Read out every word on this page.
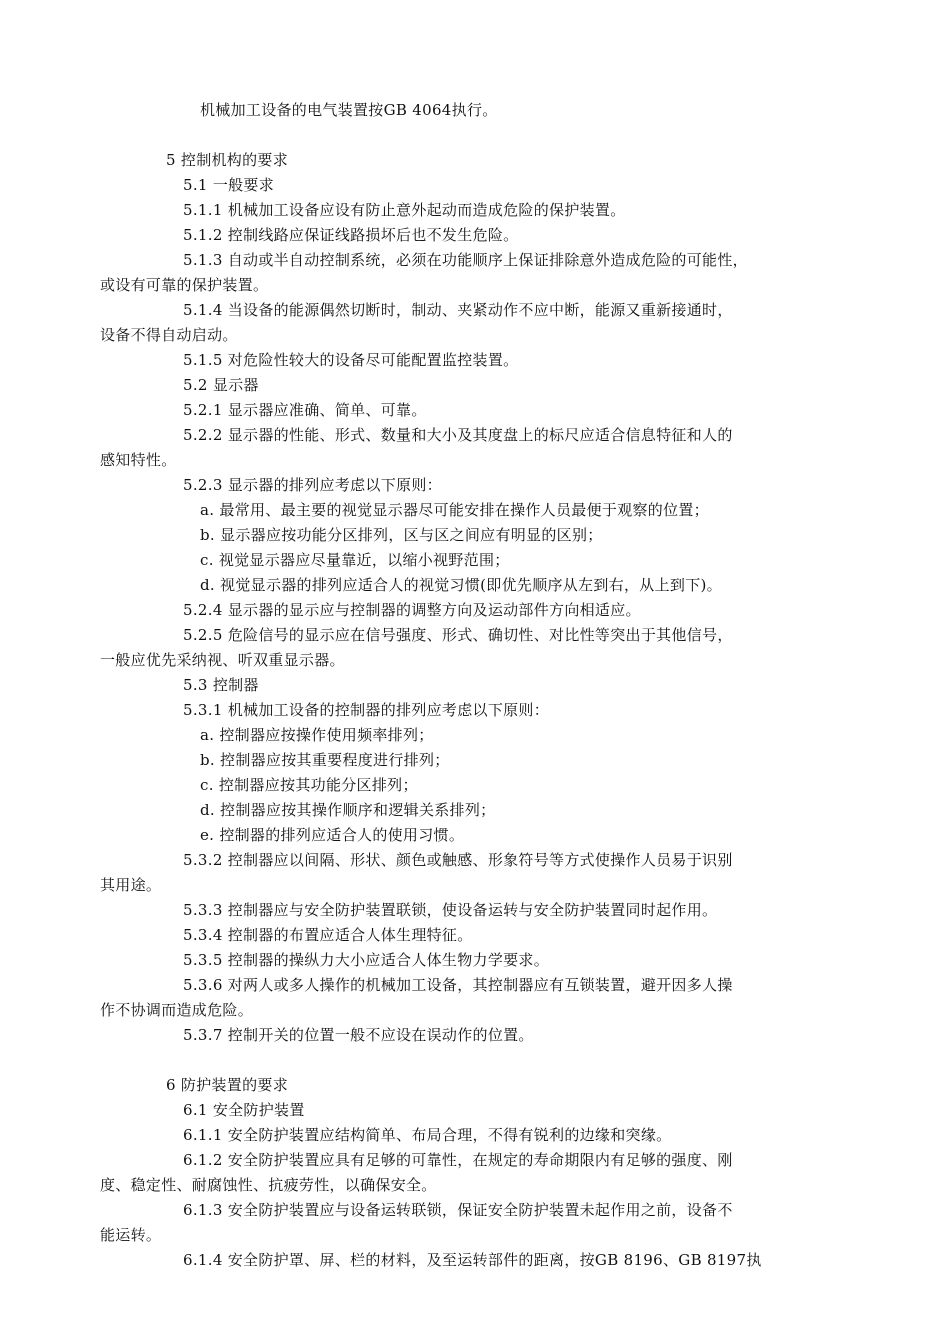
机械加工设备的电气装置按GB 4064执行。
5 控制机构的要求
5.1 一般要求
5.1.1 机械加工设备应设有防止意外起动而造成危险的保护装置。
5.1.2 控制线路应保证线路损坏后也不发生危险。
5.1.3 自动或半自动控制系统，必须在功能顺序上保证排除意外造成危险的可能性，
或设有可靠的保护装置。
5.1.4 当设备的能源偶然切断时，制动、夹紧动作不应中断，能源又重新接通时，
设备不得自动启动。
5.1.5 对危险性较大的设备尽可能配置监控装置。
5.2 显示器
5.2.1 显示器应准确、简单、可靠。
5.2.2 显示器的性能、形式、数量和大小及其度盘上的标尺应适合信息特征和人的
感知特性。
5.2.3 显示器的排列应考虑以下原则：
a. 最常用、最主要的视觉显示器尽可能安排在操作人员最便于观察的位置；
b. 显示器应按功能分区排列，区与区之间应有明显的区别；
c. 视觉显示器应尽量靠近，以缩小视野范围；
d. 视觉显示器的排列应适合人的视觉习惯(即优先顺序从左到右，从上到下)。
5.2.4 显示器的显示应与控制器的调整方向及运动部件方向相适应。
5.2.5 危险信号的显示应在信号强度、形式、确切性、对比性等突出于其他信号，
一般应优先采纳视、听双重显示器。
5.3 控制器
5.3.1 机械加工设备的控制器的排列应考虑以下原则：
a. 控制器应按操作使用频率排列；
b. 控制器应按其重要程度进行排列；
c. 控制器应按其功能分区排列；
d. 控制器应按其操作顺序和逻辑关系排列；
e. 控制器的排列应适合人的使用习惯。
5.3.2 控制器应以间隔、形状、颜色或触感、形象符号等方式使操作人员易于识别
其用途。
5.3.3 控制器应与安全防护装置联锁，使设备运转与安全防护装置同时起作用。
5.3.4 控制器的布置应适合人体生理特征。
5.3.5 控制器的操纵力大小应适合人体生物力学要求。
5.3.6 对两人或多人操作的机械加工设备，其控制器应有互锁装置，避开因多人操
作不协调而造成危险。
5.3.7 控制开关的位置一般不应设在误动作的位置。
6 防护装置的要求
6.1 安全防护装置
6.1.1 安全防护装置应结构简单、布局合理，不得有锐利的边缘和突缘。
6.1.2 安全防护装置应具有足够的可靠性，在规定的寿命期限内有足够的强度、刚
度、稳定性、耐腐蚀性、抗疲劳性，以确保安全。
6.1.3 安全防护装置应与设备运转联锁，保证安全防护装置未起作用之前，设备不
能运转。
6.1.4 安全防护罩、屏、栏的材料，及至运转部件的距离，按GB 8196、GB 8197执
